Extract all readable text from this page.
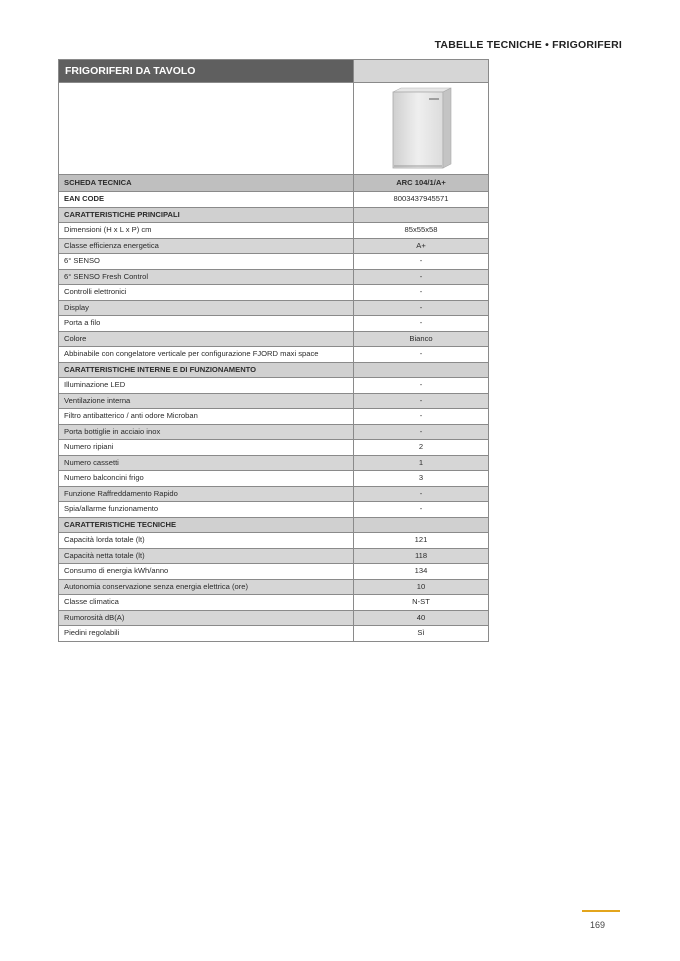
TABELLE TECNICHE • FRIGORIFERI
FRIGORIFERI DA TAVOLO
SCHEDA TECNICA	ARC 104/1/A+
EAN CODE	8003437945571
CARATTERISTICHE PRINCIPALI
Dimensioni (H x L x P) cm	85x55x58
Classe efficienza energetica	A+
6° SENSO	-
6° SENSO Fresh Control	-
Controlli elettronici	-
Display	-
Porta a filo	-
Colore	Bianco
Abbinabile con congelatore verticale per configurazione FJORD maxi space	-
CARATTERISTICHE INTERNE E DI FUNZIONAMENTO
Illuminazione LED	-
Ventilazione interna	-
Filtro antibatterico / anti odore Microban	-
Porta bottiglie in acciaio inox	-
Numero ripiani	2
Numero cassetti	1
Numero balconcini frigo	3
Funzione Raffreddamento Rapido	-
Spia/allarme funzionamento	-
CARATTERISTICHE TECNICHE
Capacità lorda totale (lt)	121
Capacità netta totale (lt)	118
Consumo di energia kWh/anno	134
Autonomia conservazione senza energia elettrica (ore)	10
Classe climatica	N-ST
Rumorosità dB(A)	40
Piedini regolabili	Sì
169
